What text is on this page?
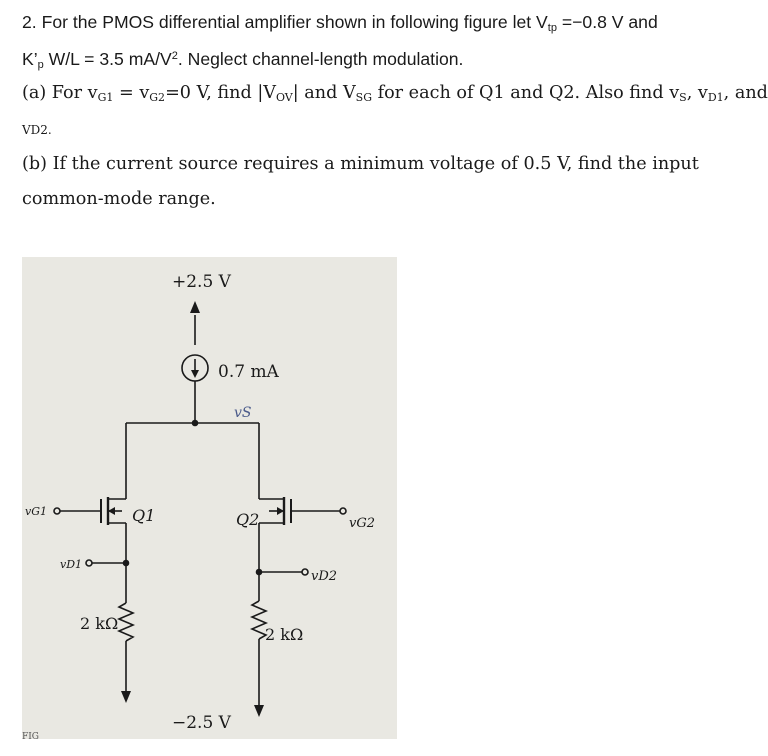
2. For the PMOS differential amplifier shown in following figure let $V_{tp} =-0.8$ V and
$K’_p$ W/L = 3.5 $mA/V^2$. Neglect channel-length modulation.
(a) For $v_{G1} = v_{G2}=0$ V, find $|V_{OV}|$ and $V_{SG}$ for each of Q1 and Q2. Also find $v_S$, $v_{D1}$, and
VD2.
(b) If the current source requires a minimum voltage of 0.5 V, find the input
common-mode range.
+2.5 V
0.7 mA
vS
Q1	Q2
vG1
vG2
vD1
vD2
2 kΩ
2 kΩ
−2.5 V
FIG
